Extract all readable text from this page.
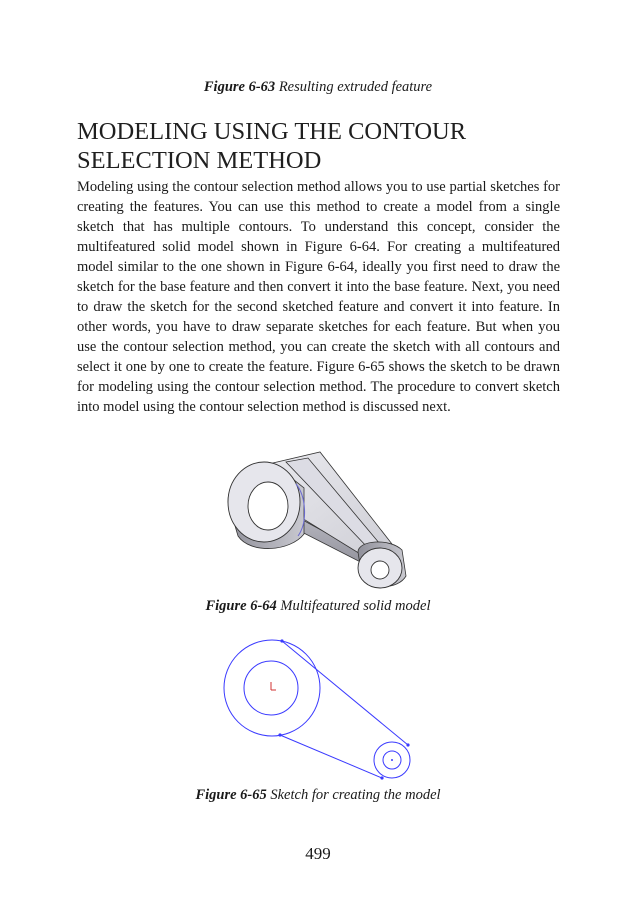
Figure 6-63 Resulting extruded feature
MODELING USING THE CONTOUR SELECTION METHOD

Modeling using the contour selection method allows you to use partial sketches for creating the features. You can use this method to create a model from a single sketch that has multiple contours. To understand this concept, consider the multifeatured solid model shown in Figure 6-64. For creating a multifeatured model similar to the one shown in Figure 6-64, ideally you first need to draw the sketch for the base feature and then convert it into the base feature. Next, you need to draw the sketch for the second sketched feature and convert it into feature. In other words, you have to draw separate sketches for each feature. But when you use the contour selection method, you can create the sketch with all contours and select it one by one to create the feature. Figure 6-65 shows the sketch to be drawn for modeling using the contour selection method. The procedure to convert sketch into model using the contour selection method is discussed next.

Figure 6-64 Multifeatured solid model
Figure 6-65 Sketch for creating the model
499
